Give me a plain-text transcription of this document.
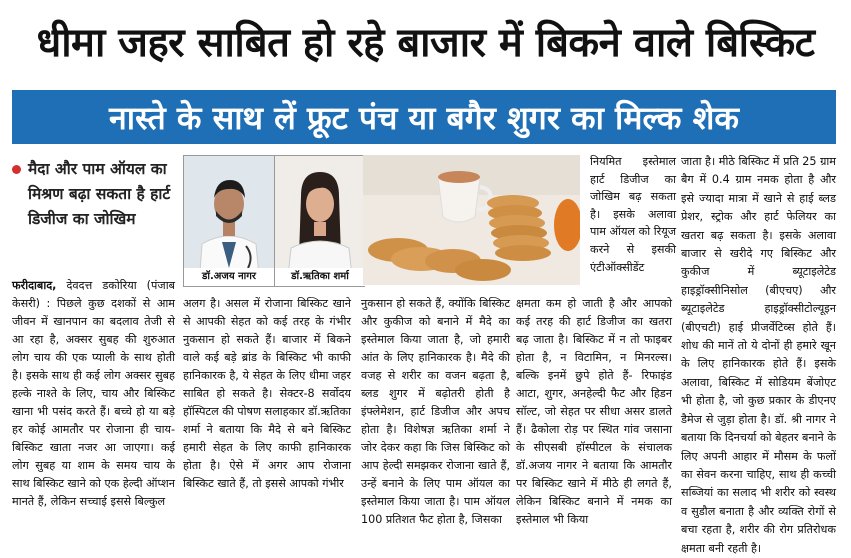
धीमा जहर साबित हो रहे बाजार में बिकने वाले बिस्किट
नास्ते के साथ लें फ्रूट पंच या बगैर शुगर का मिल्क शेक
मैदा और पाम ऑयल का मिश्रण बढ़ा सकता है हार्ट डिजीज का जोखिम
डॉ.अजय नागर	डॉ.ऋतिका शर्मा

नियमित इस्तेमाल हार्ट डिजीज का जोखिम बढ़ सकता है। इसके अलावा पाम ऑयल को रियूज करने से इसकी एंटीऑक्सीडेंट

फरीदाबाद, देवदत्त डकोरिया (पंजाब केसरी) : पिछले कुछ दशकों से आम जीवन में खानपान का बदलाव तेजी से आ रहा है, अक्सर सुबह की शुरुआत लोग चाय की एक प्याली के साथ होती है। इसके साथ ही कई लोग अक्सर सुबह हल्के नाश्ते के लिए, चाय और बिस्किट खाना भी पसंद करते हैं। बच्चे हो या बड़े हर कोई आमतौर पर रोजाना ही चाय-बिस्किट खाता नजर आ जाएगा। कई लोग सुबह या शाम के समय चाय के साथ बिस्किट खाने को एक हेल्दी ऑप्शन मानते हैं, लेकिन सच्चाई इससे बिल्कुल

अलग है। असल में रोजाना बिस्किट खाने से आपकी सेहत को कई तरह के गंभीर नुकसान हो सकते हैं। बाजार में बिकने वाले कई बड़े ब्रांड के बिस्किट भी काफी हानिकारक है, ये सेहत के लिए धीमा जहर साबित हो सकते है। सेक्टर-8 सर्वोदय हॉस्पिटल की पोषण सलाहकार डॉ.ऋतिका शर्मा ने बताया कि मैदे से बने बिस्किट हमारी सेहत के लिए काफी हानिकारक होता है। ऐसे में अगर आप रोजाना बिस्किट खाते हैं, तो इससे आपको गंभीर

नुकसान हो सकते हैं, क्योंकि बिस्किट और कुकीज को बनाने में मैदे का इस्तेमाल किया जाता है, जो हमारी आंत के लिए हानिकारक है। मैदे की वजह से शरीर का वजन बढ़ता है, ब्लड शुगर में बढ़ोतरी होती है इंफ्लेमेशन, हार्ट डिजीज और अपच होता है। विशेषज्ञ ऋतिका शर्मा ने जोर देकर कहा कि जिस बिस्किट को आप हेल्दी समझकर रोजाना खाते हैं, उन्हें बनाने के लिए पाम ऑयल का इस्तेमाल किया जाता है। पाम ऑयल 100 प्रतिशत फैट होता है, जिसका

क्षमता कम हो जाती है और आपको कई तरह की हार्ट डिजीज का खतरा बढ़ जाता है। बिस्किट में न तो फाइबर होता है, न विटामिन, न मिनरल्स। बल्कि इनमें छुपे होते हैं- रिफाइंड आटा, शुगर, अनहेल्दी फैट और हिडन सॉल्ट, जो सेहत पर सीधा असर डालते हैं। ढैकोला रोड़ पर स्थित गांव जसाना के सीएसबी हॉस्पीटल के संचालक डॉ.अजय नागर ने बताया कि आमतौर पर बिस्किट खाने में मीठे ही लगते हैं, लेकिन बिस्किट बनाने में नमक का इस्तेमाल भी किया

जाता है। मीठे बिस्किट में प्रति 25 ग्राम बैग में 0.4 ग्राम नमक होता है और इसे ज्यादा मात्रा में खाने से हाई ब्लड प्रेशर, स्ट्रोक और हार्ट फेलियर का खतरा बढ़ सकता है। इसके अलावा बाजार से खरीदे गए बिस्किट और कुकीज में ब्यूटाइलेटेड हाइड्रॉक्सीनिसोल (बीएचए) और ब्यूटाइलेटेड हाइड्रॉक्सीटोल्यूइन (बीएचटी) हाई प्रीजर्वेटिव्स होते हैं। शोध की मानें तो ये दोनों ही हमारे खून के लिए हानिकारक होते हैं। इसके अलावा, बिस्किट में सोडियम बेंजोएट भी होता है, जो कुछ प्रकार के डीएनए डैमेज से जुड़ा होता है। डॉ. श्री नागर ने बताया कि दिनचर्या को बेहतर बनाने के लिए अपनी आहार में मौसम के फलों का सेवन करना चाहिए, साथ ही कच्ची सब्जियां का सलाद भी शरीर को स्वस्थ व सुडौल बनाता है और व्यक्ति रोगों से बचा रहता है, शरीर की रोग प्रतिरोधक क्षमता बनी रहती है।
